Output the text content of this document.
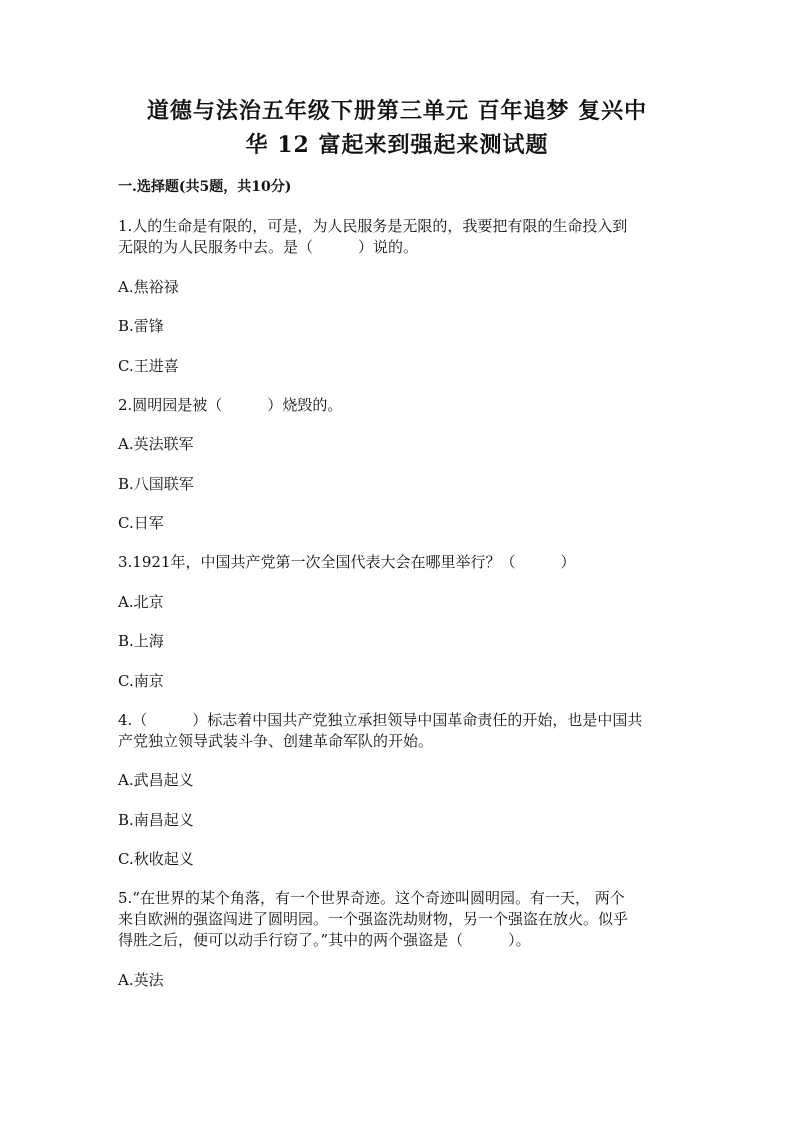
道德与法治五年级下册第三单元 百年追梦 复兴中
华 12 富起来到强起来测试题
一.选择题(共5题，共10分)
1.人的生命是有限的，可是，为人民服务是无限的，我要把有限的生命投入到
无限的为人民服务中去。是（　　　）说的。
A.焦裕禄
B.雷锋
C.王进喜
2.圆明园是被（　　　）烧毁的。
A.英法联军
B.八国联军
C.日军
3.1921年，中国共产党第一次全国代表大会在哪里举行？（　　　）
A.北京
B.上海
C.南京
4.（　　　）标志着中国共产党独立承担领导中国革命责任的开始，也是中国共
产党独立领导武装斗争、创建革命军队的开始。
A.武昌起义
B.南昌起义
C.秋收起义
5.“在世界的某个角落，有一个世界奇迹。这个奇迹叫圆明园。有一天， 两个
来自欧洲的强盗闯进了圆明园。一个强盗洗劫财物，另一个强盗在放火。似乎
得胜之后，便可以动手行窃了。”其中的两个强盗是（　　　）。
A.英法
